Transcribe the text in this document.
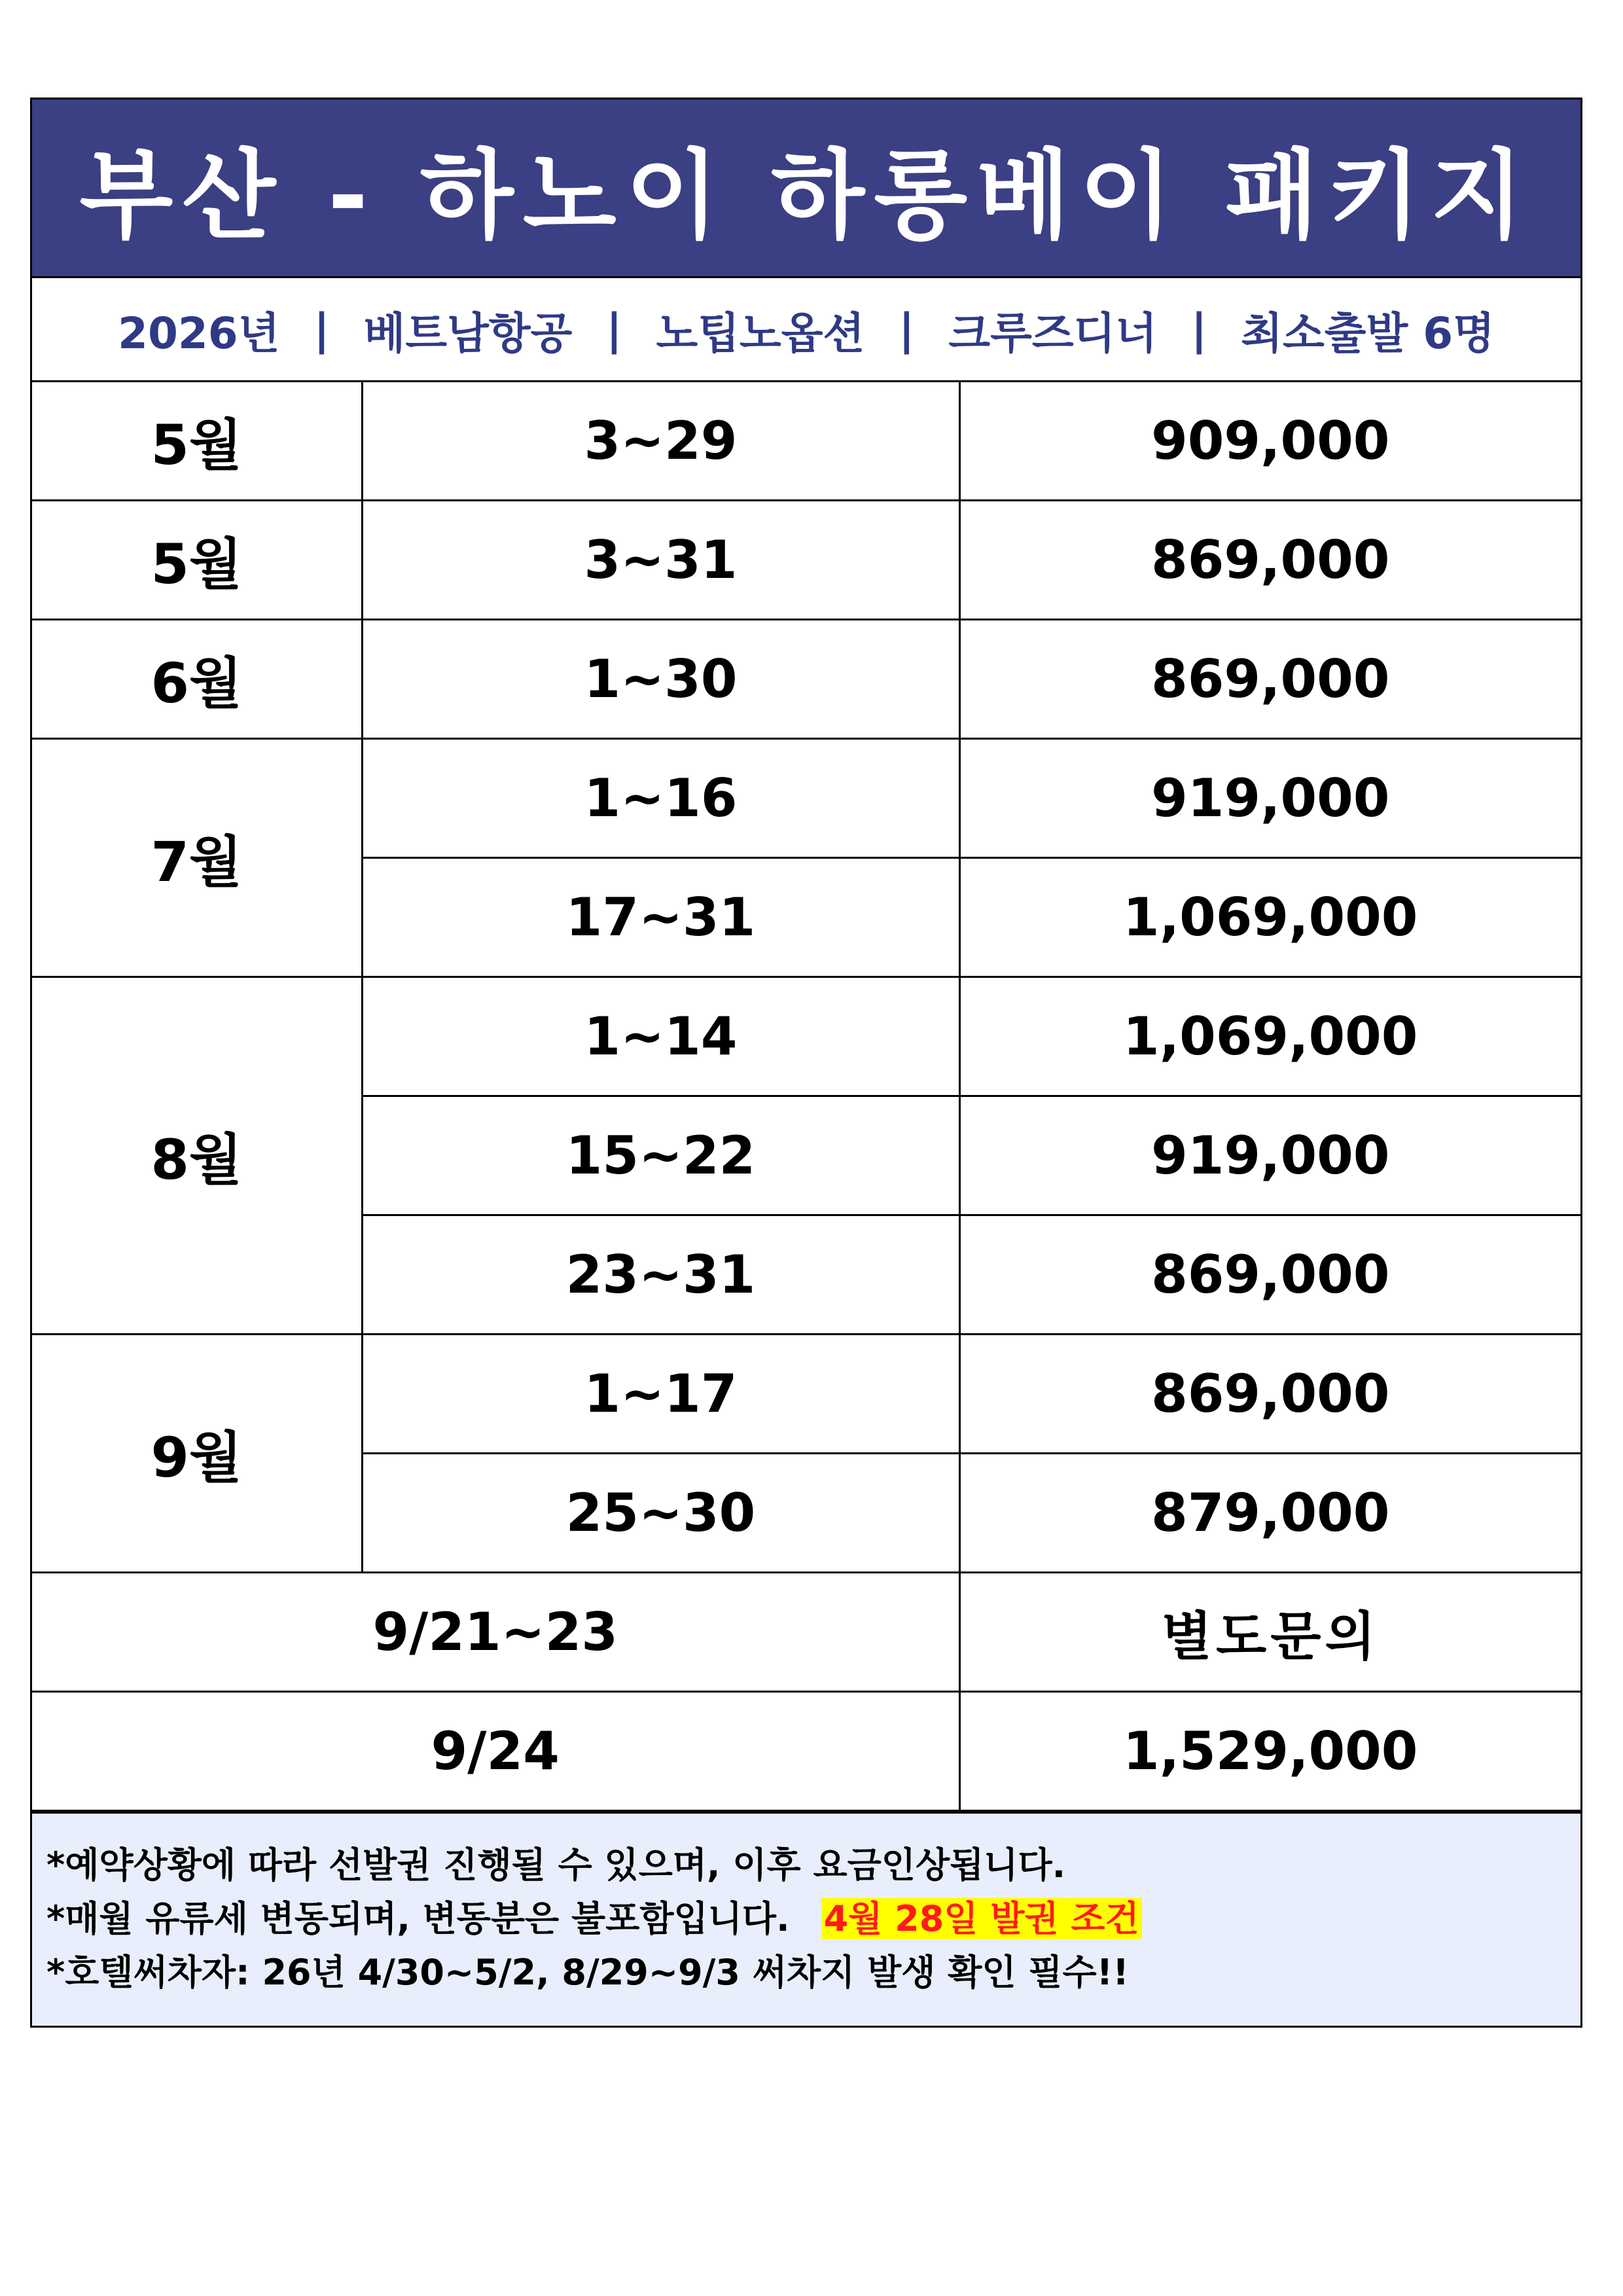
부산 - 하노이 하롱베이 패키지
2026년 | 베트남항공 | 노팁노옵션 | 크루즈디너 | 최소출발 6명
5월	3~29	909,000
5월	3~31	869,000
6월	1~30	869,000
7월	1~16	919,000
	17~31	1,069,000
8월	1~14	1,069,000
	15~22	919,000
	23~31	869,000
9월	1~17	869,000
	25~30	879,000
9/21~23		별도문의
9/24		1,529,000
*예약상황에 따라 선발권 진행될 수 있으며, 이후 요금인상됩니다.
*매월 유류세 변동되며, 변동분은 불포함입니다. 4월 28일 발권 조건
*호텔써차자: 26년 4/30~5/2, 8/29~9/3 써차지 발생 확인 필수!!
